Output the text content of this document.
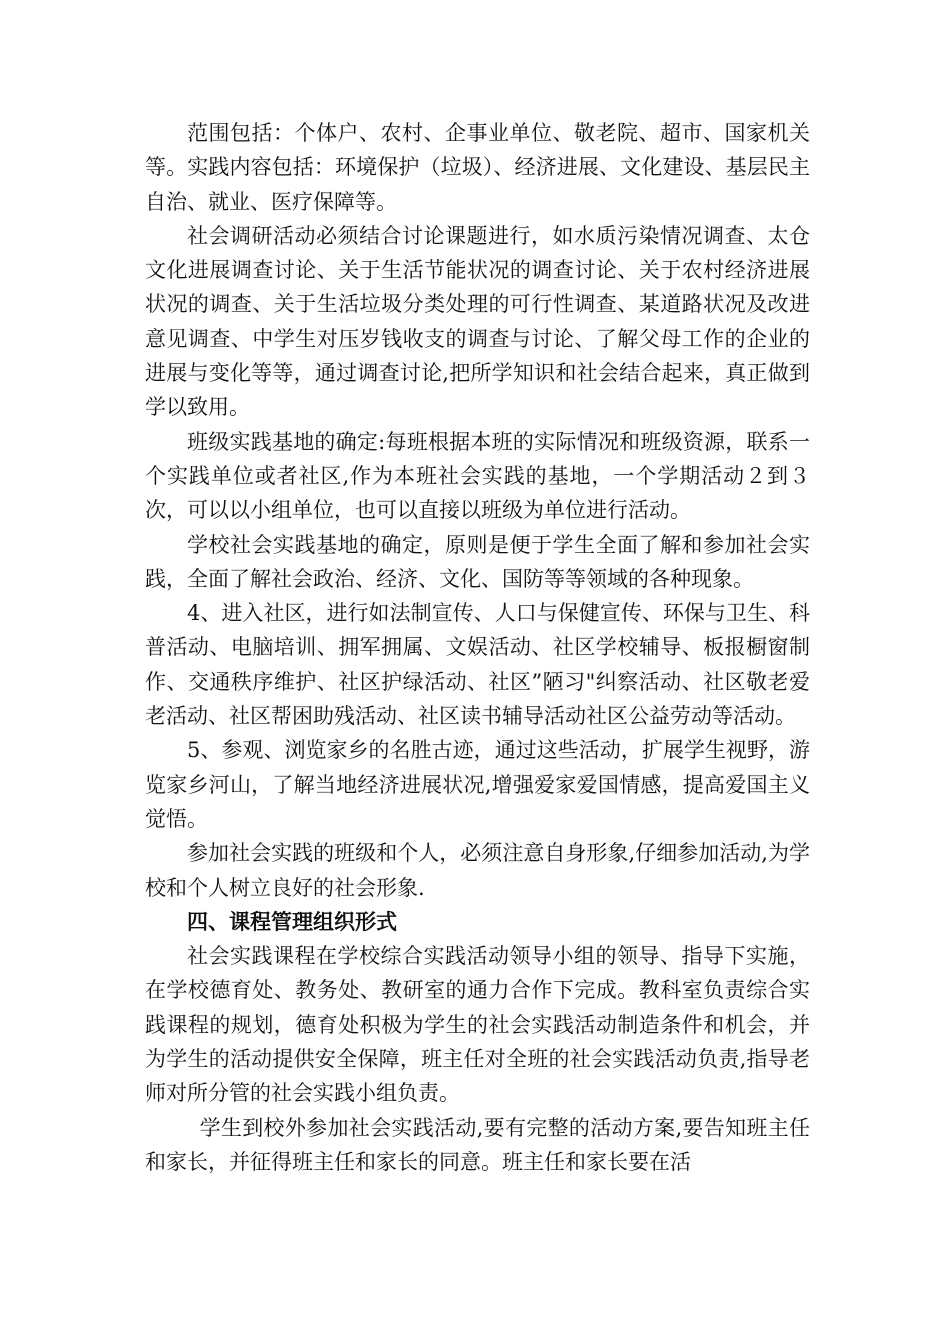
范围包括：个体户、农村、企事业单位、敬老院、超市、国家机关等。实践内容包括：环境保护（垃圾）、经济进展、文化建设、基层民主自治、就业、医疗保障等。

社会调研活动必须结合讨论课题进行，如水质污染情况调查、太仓文化进展调查讨论、关于生活节能状况的调查讨论、关于农村经济进展状况的调查、关于生活垃圾分类处理的可行性调查、某道路状况及改进意见调查、中学生对压岁钱收支的调查与讨论、了解父母工作的企业的进展与变化等等，通过调查讨论,把所学知识和社会结合起来，真正做到学以致用。

班级实践基地的确定:每班根据本班的实际情况和班级资源，联系一个实践单位或者社区,作为本班社会实践的基地，一个学期活动２到３次，可以以小组单位，也可以直接以班级为单位进行活动。

学校社会实践基地的确定，原则是便于学生全面了解和参加社会实践，全面了解社会政治、经济、文化、国防等等领域的各种现象。

4、进入社区，进行如法制宣传、人口与保健宣传、环保与卫生、科普活动、电脑培训、拥军拥属、文娱活动、社区学校辅导、板报橱窗制作、交通秩序维护、社区护绿活动、社区”陋习"纠察活动、社区敬老爱老活动、社区帮困助残活动、社区读书辅导活动社区公益劳动等活动。

5、参观、浏览家乡的名胜古迹，通过这些活动，扩展学生视野，游览家乡河山，了解当地经济进展状况,增强爱家爱国情感，提高爱国主义觉悟。

参加社会实践的班级和个人，必须注意自身形象,仔细参加活动,为学校和个人树立良好的社会形象.

四、课程管理组织形式

社会实践课程在学校综合实践活动领导小组的领导、指导下实施，在学校德育处、教务处、教研室的通力合作下完成。教科室负责综合实践课程的规划，德育处积极为学生的社会实践活动制造条件和机会，并为学生的活动提供安全保障，班主任对全班的社会实践活动负责,指导老师对所分管的社会实践小组负责。

学生到校外参加社会实践活动,要有完整的活动方案,要告知班主任和家长，并征得班主任和家长的同意。班主任和家长要在活
